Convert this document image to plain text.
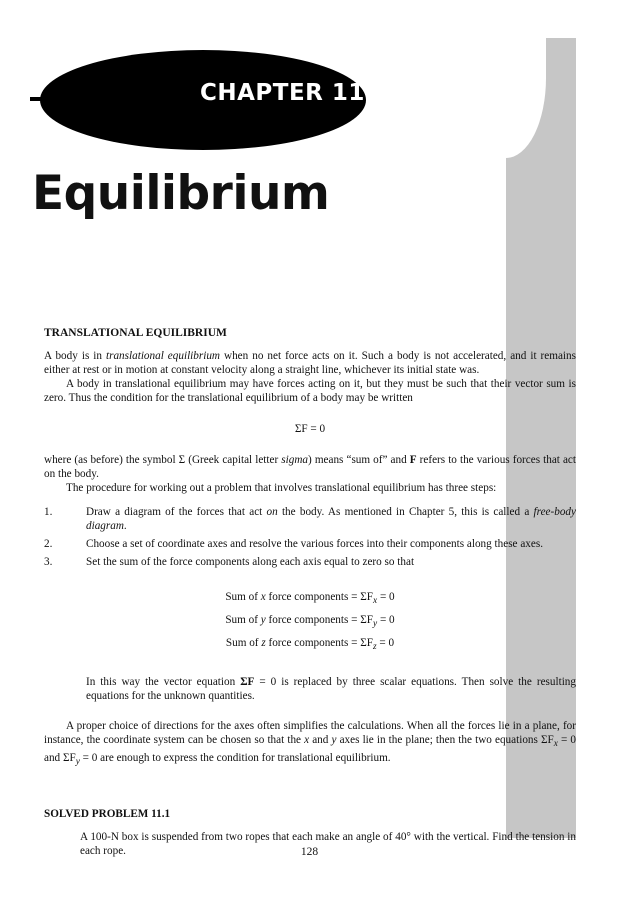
CHAPTER 11
Equilibrium

TRANSLATIONAL EQUILIBRIUM

A body is in translational equilibrium when no net force acts on it. Such a body is not accelerated, and it remains either at rest or in motion at constant velocity along a straight line, whichever its initial state was.

A body in translational equilibrium may have forces acting on it, but they must be such that their vector sum is zero. Thus the condition for the translational equilibrium of a body may be written

ΣF = 0

where (as before) the symbol Σ (Greek capital letter sigma) means “sum of” and F refers to the various forces that act on the body.

The procedure for working out a problem that involves translational equilibrium has three steps:

1.	Draw a diagram of the forces that act on the body. As mentioned in Chapter 5, this is called a free-body diagram.
2.	Choose a set of coordinate axes and resolve the various forces into their components along these axes.
3.	Set the sum of the force components along each axis equal to zero so that
Sum of x force components = $\Sigma F_x = 0$
Sum of y force components = $\Sigma F_y = 0$
Sum of z force components = $\Sigma F_z = 0$

In this way the vector equation ΣF = 0 is replaced by three scalar equations. Then solve the resulting equations for the unknown quantities.

A proper choice of directions for the axes often simplifies the calculations. When all the forces lie in a plane, for instance, the coordinate system can be chosen so that the x and y axes lie in the plane; then the two equations $\Sigma F_x = 0$ and $\Sigma F_y = 0$ are enough to express the condition for translational equilibrium.

SOLVED PROBLEM 11.1

A 100-N box is suspended from two ropes that each make an angle of 40° with the vertical. Find the tension in each rope.	128
